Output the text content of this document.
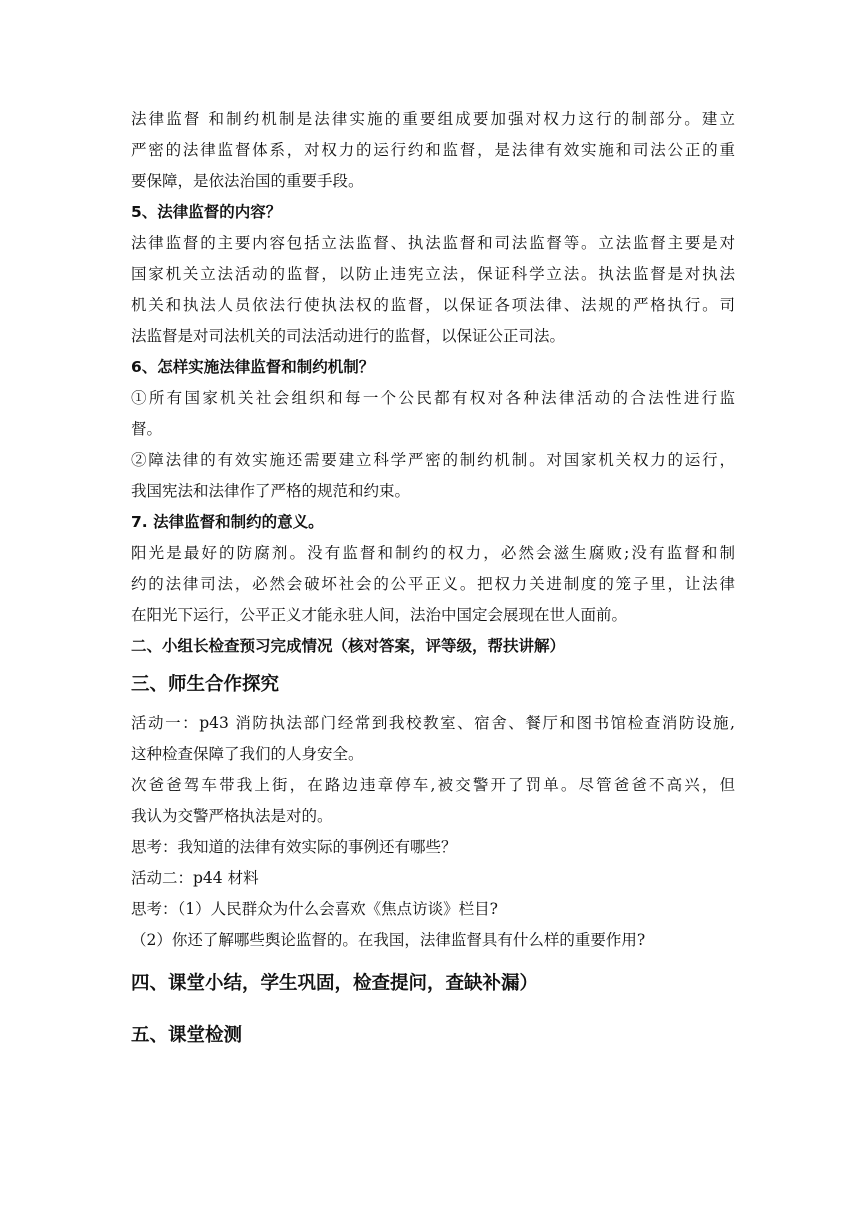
法律监督 和制约机制是法律实施的重要组成要加强对权力这行的制部分。建立
严密的法律监督体系，对权力的运行约和监督，是法律有效实施和司法公正的重
要保障，是依法治国的重要手段。
5、法律监督的内容？
法律监督的主要内容包括立法监督、执法监督和司法监督等。立法监督主要是对
国家机关立法活动的监督，以防止违宪立法，保证科学立法。执法监督是对执法
机关和执法人员依法行使执法权的监督，以保证各项法律、法规的严格执行。司
法监督是对司法机关的司法活动进行的监督，以保证公正司法。
6、怎样实施法律监督和制约机制？
①所有国家机关社会组织和每一个公民都有权对各种法律活动的合法性进行监
督。
②障法律的有效实施还需要建立科学严密的制约机制。对国家机关权力的运行，
我国宪法和法律作了严格的规范和约束。
7. 法律监督和制约的意义。
阳光是最好的防腐剂。没有监督和制约的权力，必然会滋生腐败;没有监督和制
约的法律司法，必然会破坏社会的公平正义。把权力关进制度的笼子里，让法律
在阳光下运行，公平正义才能永驻人间，法治中国定会展现在世人面前。
二、小组长检查预习完成情况（核对答案，评等级，帮扶讲解）
三、师生合作探究
活动一：p43 消防执法部门经常到我校教室、宿舍、餐厅和图书馆检查消防设施,
这种检查保障了我们的人身安全。
次爸爸驾车带我上街，在路边违章停车,被交警开了罚单。尽管爸爸不高兴，但
我认为交警严格执法是对的。
思考：我知道的法律有效实际的事例还有哪些？
活动二：p44 材料
思考：（1）人民群众为什么会喜欢《焦点访谈》栏目?
（2）你还了解哪些舆论监督的。在我国，法律监督具有什么样的重要作用?
四、课堂小结，学生巩固，检查提问，查缺补漏）
五、课堂检测
